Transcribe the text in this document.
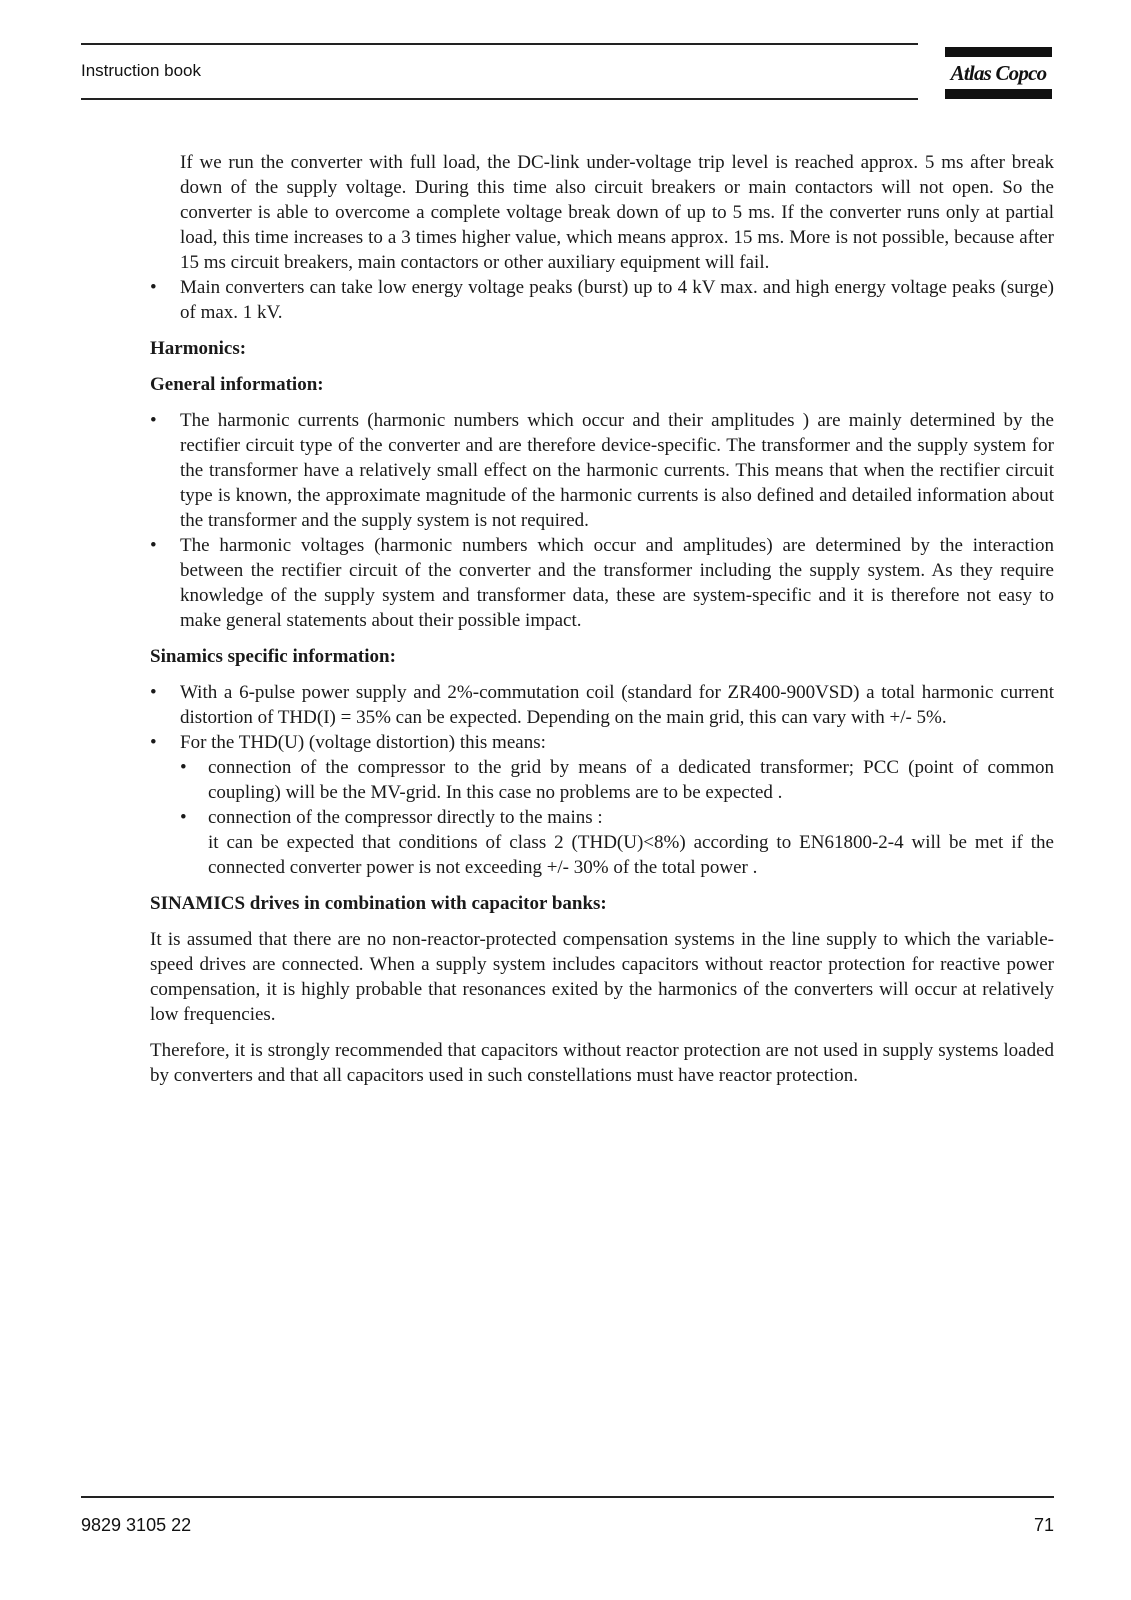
Instruction book	Atlas Copco

If we run the converter with full load, the DC-link under-voltage trip level is reached approx. 5 ms after break down of the supply voltage. During this time also circuit breakers or main contactors will not open. So the converter is able to overcome a complete voltage break down of up to 5 ms. If the converter runs only at partial load, this time increases to a 3 times higher value, which means approx. 15 ms. More is not possible, because after 15 ms circuit breakers, main contactors or other auxiliary equipment will fail.

• Main converters can take low energy voltage peaks (burst) up to 4 kV max. and high energy voltage peaks (surge) of max. 1 kV.

Harmonics:

General information:

• The harmonic currents (harmonic numbers which occur and their amplitudes ) are mainly determined by the rectifier circuit type of the converter and are therefore device-specific. The transformer and the supply system for the transformer have a relatively small effect on the harmonic currents. This means that when the rectifier circuit type is known, the approximate magnitude of the harmonic currents is also defined and detailed information about the transformer and the supply system is not required.
• The harmonic voltages (harmonic numbers which occur and amplitudes) are determined by the interaction between the rectifier circuit of the converter and the transformer including the supply system. As they require knowledge of the supply system and transformer data, these are system-specific and it is therefore not easy to make general statements about their possible impact.

Sinamics specific information:

• With a 6-pulse power supply and 2%-commutation coil (standard for ZR400-900VSD) a total harmonic current distortion of THD(I) = 35% can be expected. Depending on the main grid, this can vary with +/- 5%.
• For the THD(U) (voltage distortion) this means:
• connection of the compressor to the grid by means of a dedicated transformer; PCC (point of common coupling) will be the MV-grid. In this case no problems are to be expected .
• connection of the compressor directly to the mains :
it can be expected that conditions of class 2 (THD(U)<8%) according to EN61800-2-4 will be met if the connected converter power is not exceeding +/- 30% of the total power .

SINAMICS drives in combination with capacitor banks:

It is assumed that there are no non-reactor-protected compensation systems in the line supply to which the variable-speed drives are connected. When a supply system includes capacitors without reactor protection for reactive power compensation, it is highly probable that resonances exited by the harmonics of the converters will occur at relatively low frequencies.

Therefore, it is strongly recommended that capacitors without reactor protection are not used in supply systems loaded by converters and that all capacitors used in such constellations must have reactor protection.

9829 3105 22	71
